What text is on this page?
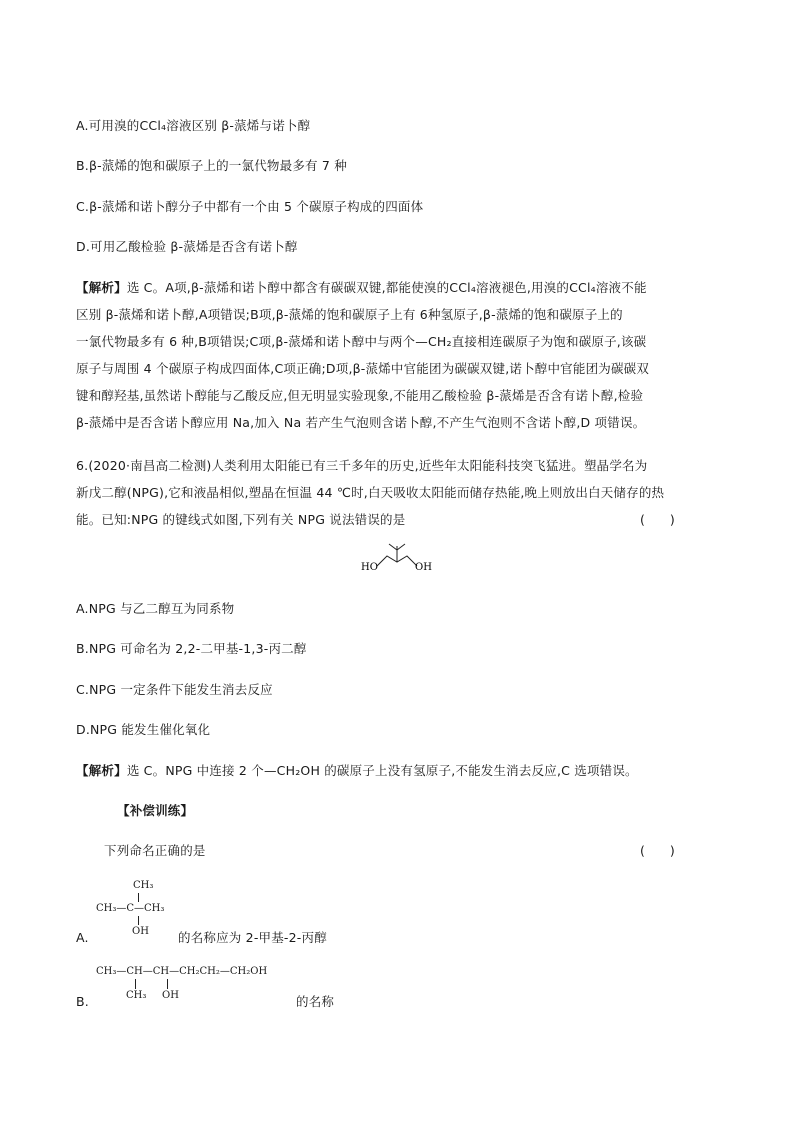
A.可用溴的CCl₄溶液区别 β-蒎烯与诺卜醇
B.β-蒎烯的饱和碳原子上的一氯代物最多有 7 种
C.β-蒎烯和诺卜醇分子中都有一个由 5 个碳原子构成的四面体
D.可用乙酸检验 β-蒎烯是否含有诺卜醇
【解析】选 C。A项,β-蒎烯和诺卜醇中都含有碳碳双键,都能使溴的CCl₄溶液褪色,用溴的CCl₄溶液不能
区别 β-蒎烯和诺卜醇,A项错误;B项,β-蒎烯的饱和碳原子上有 6种氢原子,β-蒎烯的饱和碳原子上的
一氯代物最多有 6 种,B项错误;C项,β-蒎烯和诺卜醇中与两个—CH₂直接相连碳原子为饱和碳原子,该碳
原子与周围 4 个碳原子构成四面体,C项正确;D项,β-蒎烯中官能团为碳碳双键,诺卜醇中官能团为碳碳双
键和醇羟基,虽然诺卜醇能与乙酸反应,但无明显实验现象,不能用乙酸检验 β-蒎烯是否含有诺卜醇,检验
β-蒎烯中是否含诺卜醇应用 Na,加入 Na 若产生气泡则含诺卜醇,不产生气泡则不含诺卜醇,D 项错误。
6.(2020·南昌高二检测)人类利用太阳能已有三千多年的历史,近些年太阳能科技突飞猛进。塑晶学名为
新戊二醇(NPG),它和液晶相似,塑晶在恒温 44 ℃时,白天吸收太阳能而储存热能,晚上则放出白天储存的热
能。已知:NPG 的键线式如图,下列有关 NPG 说法错误的是	(　　)
HO	OH
A.NPG 与乙二醇互为同系物
B.NPG 可命名为 2,2-二甲基-1,3-丙二醇
C.NPG 一定条件下能发生消去反应
D.NPG 能发生催化氧化
【解析】选 C。NPG 中连接 2 个—CH₂OH 的碳原子上没有氢原子,不能发生消去反应,C 选项错误。
【补偿训练】
下列命名正确的是	(　　)
CH₃
CH₃—C—CH₃
OH
A.	的名称应为 2-甲基-2-丙醇
CH₃—CH—CH—CH₂CH₂—CH₂OH
CH₃ OH
B.	的名称
